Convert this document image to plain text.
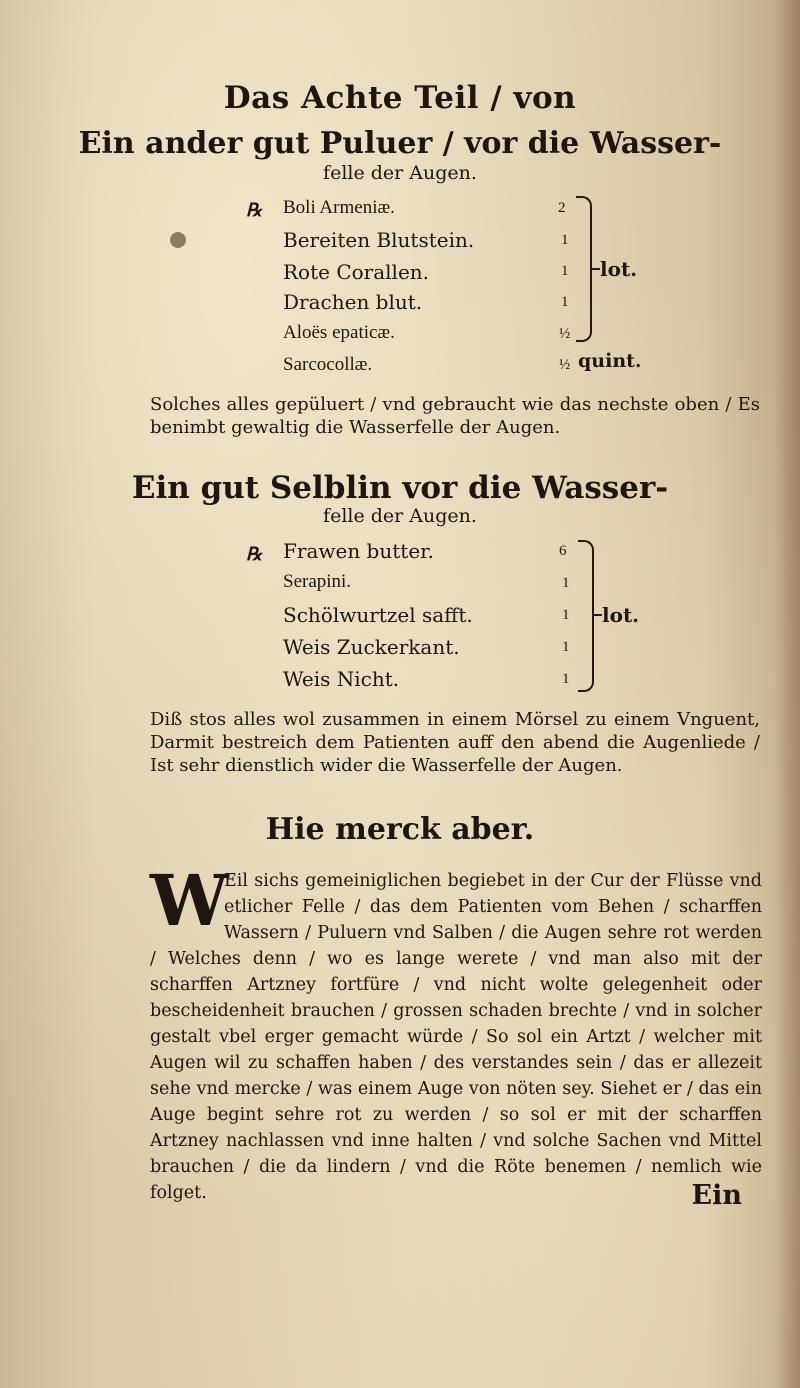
Das Achte Teil / von
Ein ander gut Puluer / vor die Wasser-
felle der Augen.
℞ Boli Armeniæ.
Bereiten Blutstein.
Rote Corallen.
Drachen blut.
Aloës epaticæ.
Sarcocollæ.
2
1
1
1
½
½
lot.
quint.
Solches alles gepüluert / vnd gebraucht wie das nechste oben / Es benimbt gewaltig die Wasserfelle der Augen.
Ein gut Selblin vor die Wasser-
felle der Augen.
℞ Frawen butter.
Serapini.
Schölwurtzel safft.
Weis Zuckerkant.
Weis Nicht.
6
1
1
1
1
lot.
Diß stos alles wol zusammen in einem Mörsel zu einem Vnguent, Darmit bestreich dem Patienten auff den abend die Augenliede / Ist sehr dienstlich wider die Wasserfelle der Augen.
Hie merck aber.
W
Eil sichs gemeiniglichen begiebet in der Cur der Flüsse vnd etlicher Felle / das dem Patienten vom Behen / scharffen Wassern / Puluern vnd Salben / die Augen sehre rot werden / Welches denn / wo es lange werete / vnd man also mit der scharffen Artzney fortfüre / vnd nicht wolte gelegenheit oder bescheidenheit brauchen / grossen schaden brechte / vnd in solcher gestalt vbel erger gemacht würde / So sol ein Artzt / welcher mit Augen wil zu schaffen haben / des verstandes sein / das er allezeit sehe vnd mercke / was einem Auge von nöten sey. Siehet er / das ein Auge begint sehre rot zu werden / so sol er mit der scharffen Artzney nachlassen vnd inne halten / vnd solche Sachen vnd Mittel brauchen / die da lindern / vnd die Röte benemen / nemlich wie folget.	Ein
